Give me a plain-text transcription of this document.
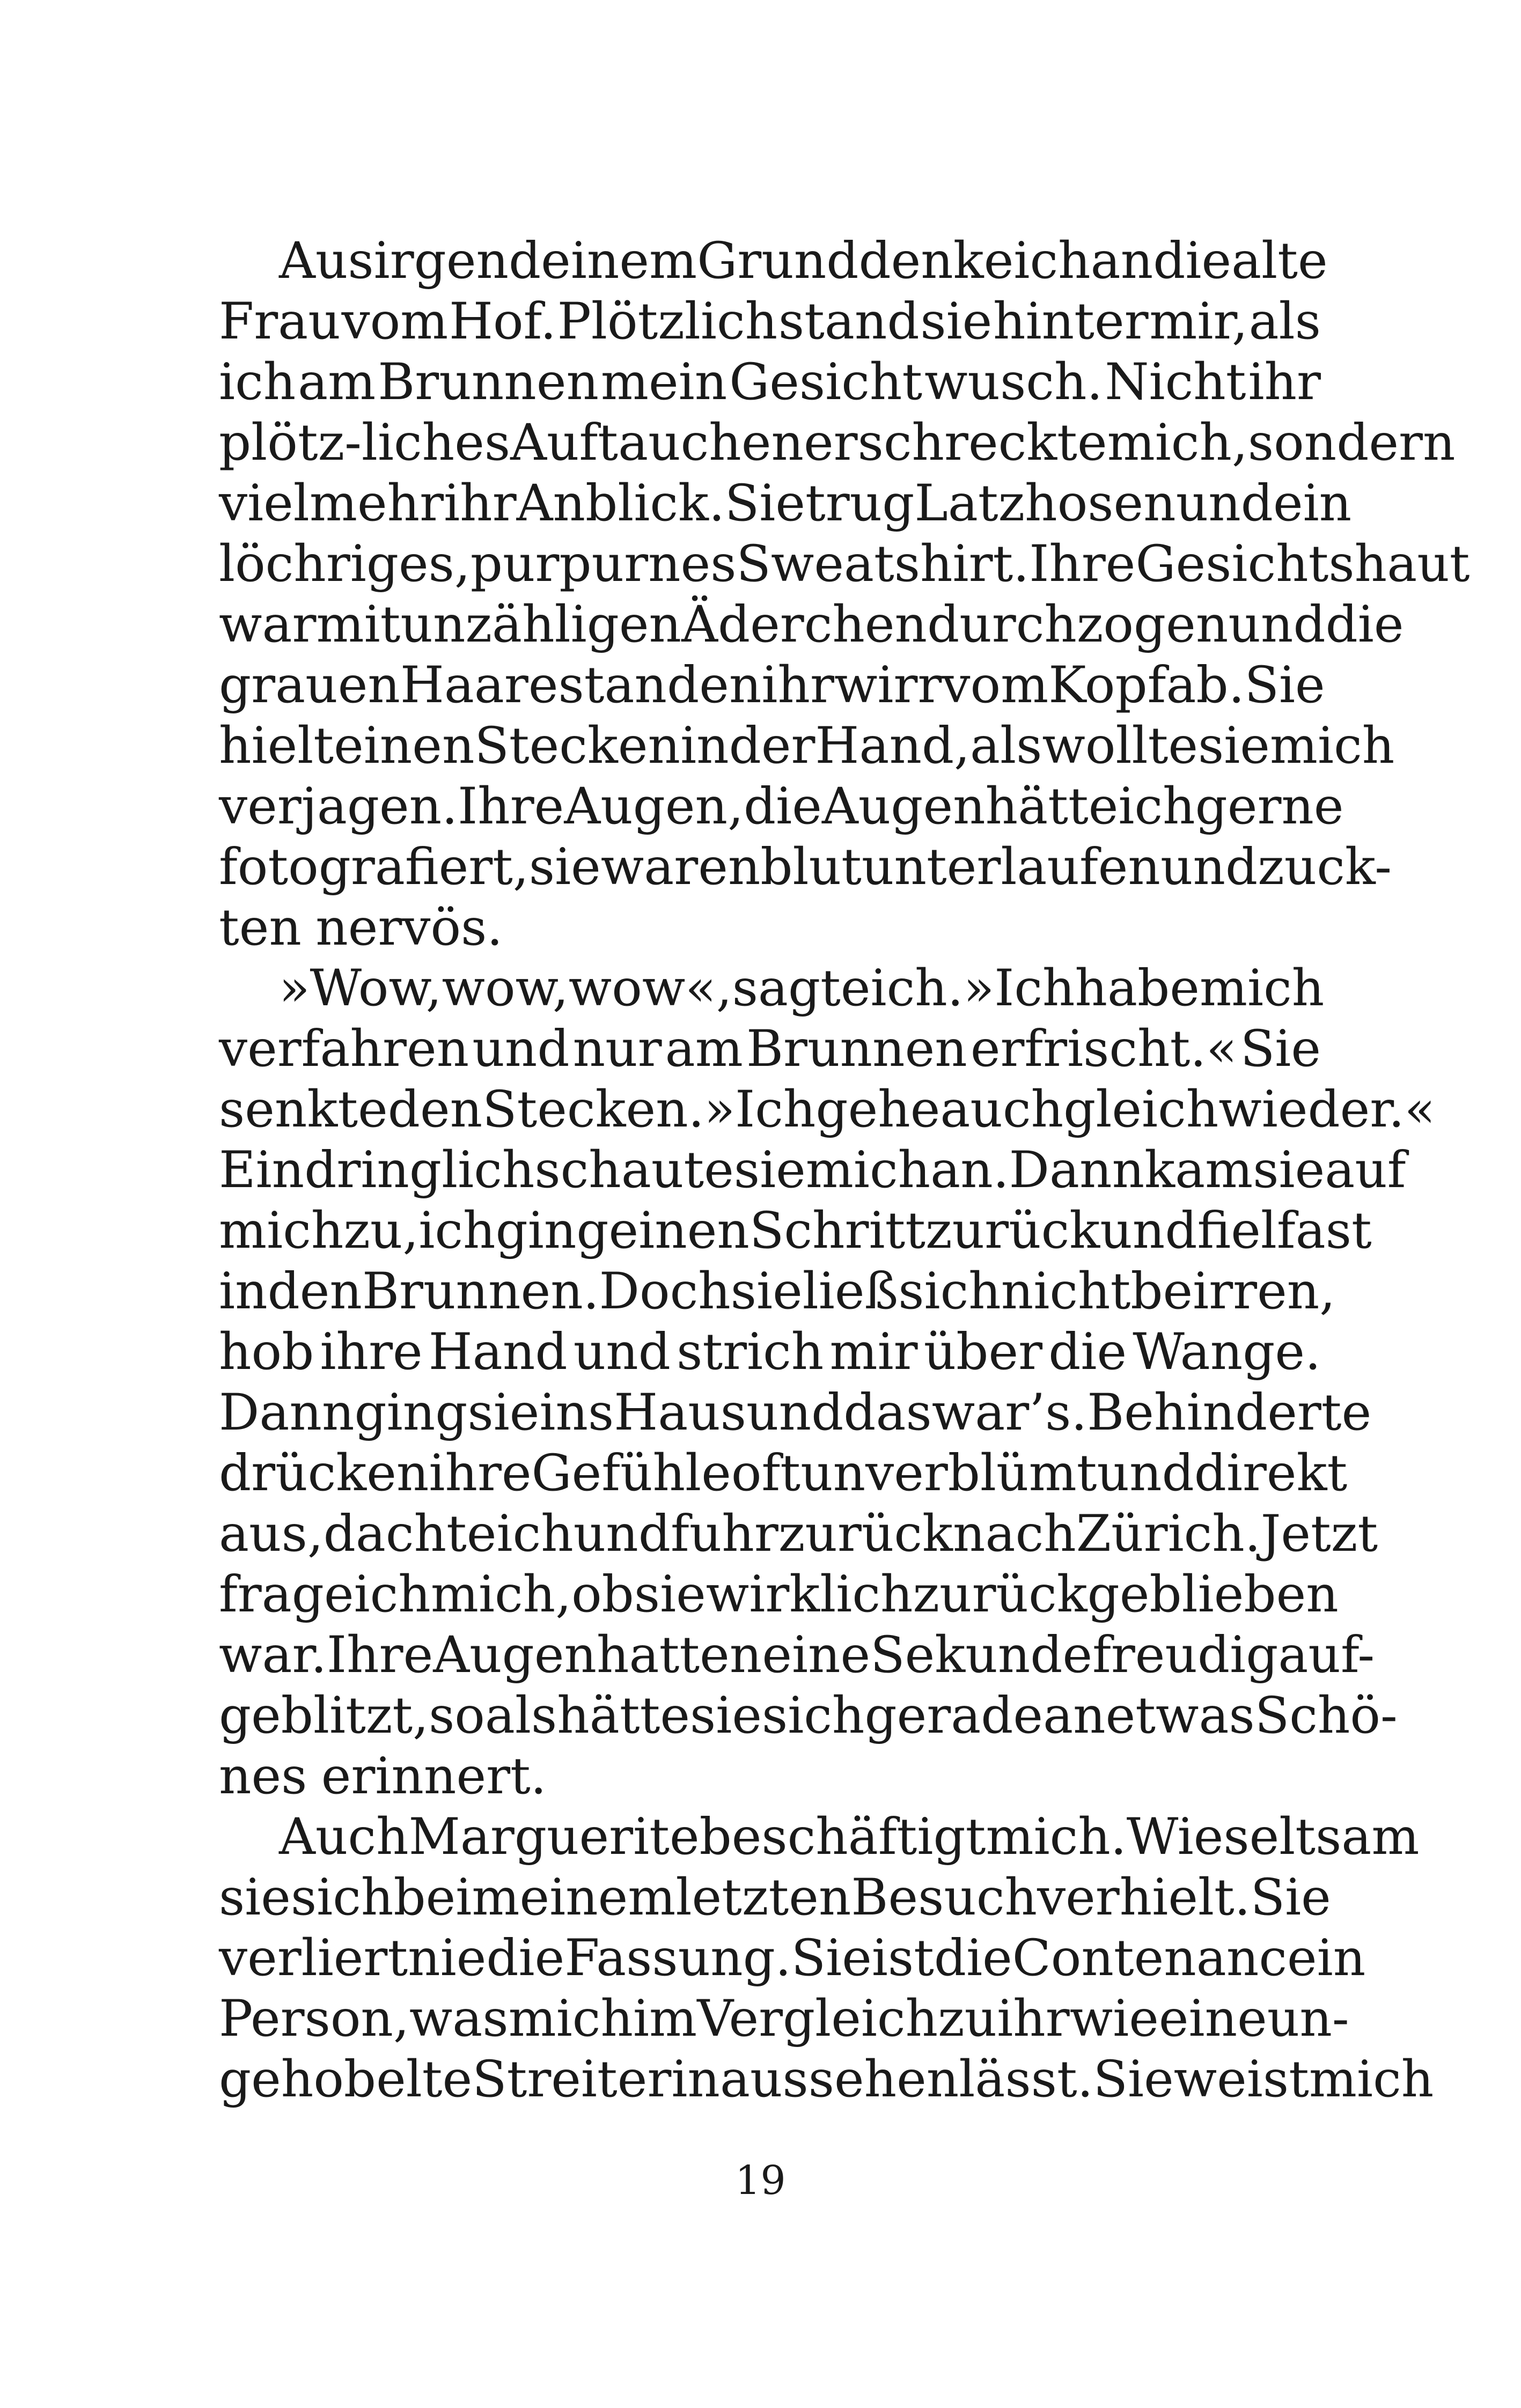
Aus irgendeinem Grund denke ich an die alte
Frau vom Hof. Plötzlich stand sie hinter mir, als
ich am Brunnen mein Gesicht wusch. Nicht ihr
plötz-liches Auftauchen erschreckte mich, sondern
vielmehr ihr Anblick. Sie trug Latzhosen und ein
löchriges, purpurnes Sweatshirt. Ihre Gesichtshaut
war mit unzähligen Äderchen durchzogen und die
grauen Haare standen ihr wirr vom Kopf ab. Sie
hielt einen Stecken in der Hand, als wollte sie mich
verjagen. Ihre Augen, die Augen hätte ich gerne
fotografiert, sie waren blutunterlaufen und zuck-
ten nervös.
»Wow, wow, wow«, sagte ich. »Ich habe mich
verfahren und nur am Brunnen erfrischt.« Sie
senkte den Stecken. »Ich gehe auch gleich wieder.«
Eindringlich schaute sie mich an. Dann kam sie auf
mich zu, ich ging einen Schritt zurück und fiel fast
in den Brunnen. Doch sie ließ sich nicht beirren,
hob ihre Hand und strich mir über die Wange.
Dann ging sie ins Haus und das war’s. Behinderte
drücken ihre Gefühle oft unverblümt und direkt
aus, dachte ich und fuhr zurück nach Zürich. Jetzt
frage ich mich, ob sie wirklich zurückgeblieben
war. Ihre Augen hatten eine Sekunde freudig auf-
geblitzt, so als hätte sie sich gerade an etwas Schö-
nes erinnert.
Auch Marguerite beschäftigt mich. Wie seltsam
sie sich bei meinem letzten Besuch verhielt. Sie
verliert nie die Fassung. Sie ist die Contenance in
Person, was mich im Vergleich zu ihr wie eine un-
gehobelte Streiterin aussehen lässt. Sie weist mich
19
